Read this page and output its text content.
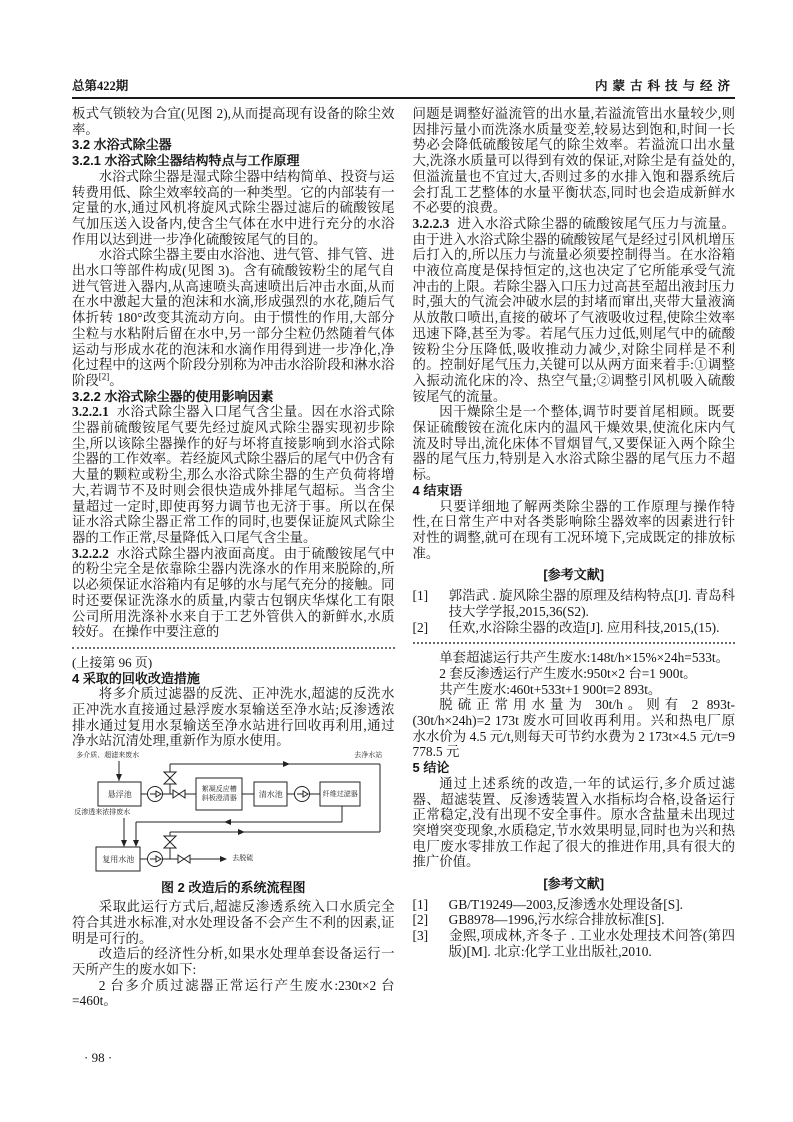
总第422期	内蒙古科技与经济

板式气锁较为合宜(见图 2),从而提高现有设备的除尘效率。

3.2 水浴式除尘器

3.2.1 水浴式除尘器结构特点与工作原理

水浴式除尘器是湿式除尘器中结构简单、投资与运转费用低、除尘效率较高的一种类型。它的内部装有一定量的水,通过风机将旋风式除尘器过滤后的硫酸铵尾气加压送入设备内,使含尘气体在水中进行充分的水浴作用以达到进一步净化硫酸铵尾气的目的。

水浴式除尘器主要由水浴池、进气管、排气管、进出水口等部件构成(见图 3)。含有硫酸铵粉尘的尾气自进气管进入器内,从高速喷头高速喷出后冲击水面,从而在水中激起大量的泡沫和水滴,形成强烈的水花,随后气体折转 180°改变其流动方向。由于惯性的作用,大部分尘粒与水粘附后留在水中,另一部分尘粒仍然随着气体运动与形成水花的泡沫和水滴作用得到进一步净化,净化过程中的这两个阶段分别称为冲击水浴阶段和淋水浴阶段[2]。

3.2.2 水浴式除尘器的使用影响因素

3.2.2.1 水浴式除尘器入口尾气含尘量。因在水浴式除尘器前硫酸铵尾气要先经过旋风式除尘器实现初步除尘,所以该除尘器操作的好与坏将直接影响到水浴式除尘器的工作效率。若经旋风式除尘器后的尾气中仍含有大量的颗粒或粉尘,那么水浴式除尘器的生产负荷将增大,若调节不及时则会很快造成外排尾气超标。当含尘量超过一定时,即使再努力调节也无济于事。所以在保证水浴式除尘器正常工作的同时,也要保证旋风式除尘器的工作正常,尽量降低入口尾气含尘量。

3.2.2.2 水浴式除尘器内液面高度。由于硫酸铵尾气中的粉尘完全是依靠除尘器内洗涤水的作用来脱除的,所以必须保证水浴箱内有足够的水与尾气充分的接触。同时还要保证洗涤水的质量,内蒙古包钢庆华煤化工有限公司所用洗涤补水来自于工艺外管供入的新鲜水,水质较好。在操作中要注意的

(上接第 96 页)

4 采取的回收改造措施

将多介质过滤器的反洗、正冲洗水,超滤的反洗水正冲洗水直接通过悬浮废水泵输送至净水站;反渗透浓排水通过复用水泵输送至净水站进行回收再利用,通过净水站沉清处理,重新作为原水使用。

多介质、超滤来废水	去净水站
悬浮池	絮凝反应槽
斜板澄清器	清水池	纤维过滤器
反渗透来浓排废水
复用水池	去脱硫
图 2 改造后的系统流程图

采取此运行方式后,超滤反渗透系统入口水质完全符合其进水标准,对水处理设备不会产生不利的因素,证明是可行的。

改造后的经济性分析,如果水处理单套设备运行一天所产生的废水如下:

2 台多介质过滤器正常运行产生废水:230t×2 台=460t。

问题是调整好溢流管的出水量,若溢流管出水量较少,则因排污量小而洗涤水质量变差,较易达到饱和,时间一长势必会降低硫酸铵尾气的除尘效率。若溢流口出水量大,洗涤水质量可以得到有效的保证,对除尘是有益处的,但溢流量也不宜过大,否则过多的水排入饱和器系统后会打乱工艺整体的水量平衡状态,同时也会造成新鲜水不必要的浪费。

3.2.2.3 进入水浴式除尘器的硫酸铵尾气压力与流量。由于进入水浴式除尘器的硫酸铵尾气是经过引风机增压后打入的,所以压力与流量必须要控制得当。在水浴箱中液位高度是保持恒定的,这也决定了它所能承受气流冲击的上限。若除尘器入口压力过高甚至超出液封压力时,强大的气流会冲破水层的封堵而窜出,夹带大量液滴从放散口喷出,直接的破坏了气液吸收过程,使除尘效率迅速下降,甚至为零。若尾气压力过低,则尾气中的硫酸铵粉尘分压降低,吸收推动力减少,对除尘同样是不利的。控制好尾气压力,关键可以从两方面来着手:①调整入振动流化床的冷、热空气量;②调整引风机吸入硫酸铵尾气的流量。

因干燥除尘是一个整体,调节时要首尾相顾。既要保证硫酸铵在流化床内的温风干燥效果,使流化床内气流及时导出,流化床体不冒烟冒气,又要保证入两个除尘器的尾气压力,特别是入水浴式除尘器的尾气压力不超标。

4 结束语

只要详细地了解两类除尘器的工作原理与操作特性,在日常生产中对各类影响除尘器效率的因素进行针对性的调整,就可在现有工况环境下,完成既定的排放标准。

[参考文献]

[1] 郭浩武 . 旋风除尘器的原理及结构特点[J]. 青岛科技大学学报,2015,36(S2).

[2] 任欢,水浴除尘器的改造[J]. 应用科技,2015,(15).

单套超滤运行共产生废水:148t/h×15%×24h=533t。

2 套反渗透运行产生废水:950t×2 台=1 900t。

共产生废水:460t+533t+1 900t=2 893t。

脱硫正常用水量为 30t/h。则有 2 893t-(30t/h×24h)=2 173t 废水可回收再利用。兴和热电厂原水水价为 4.5 元/t,则每天可节约水费为 2 173t×4.5 元/t=9 778.5 元

5 结论

通过上述系统的改造,一年的试运行,多介质过滤器、超滤装置、反渗透装置入水指标均合格,设备运行正常稳定,没有出现不安全事件。原水含盐量未出现过突增突变现象,水质稳定,节水效果明显,同时也为兴和热电厂废水零排放工作起了很大的推进作用,具有很大的推广价值。

[参考文献]

[1] GB/T19249—2003,反渗透水处理设备[S].

[2] GB8978—1996,污水综合排放标准[S].

[3] 金熙,项成林,齐冬子 . 工业水处理技术问答(第四版)[M]. 北京:化学工业出版社,2010.

· 98 ·
